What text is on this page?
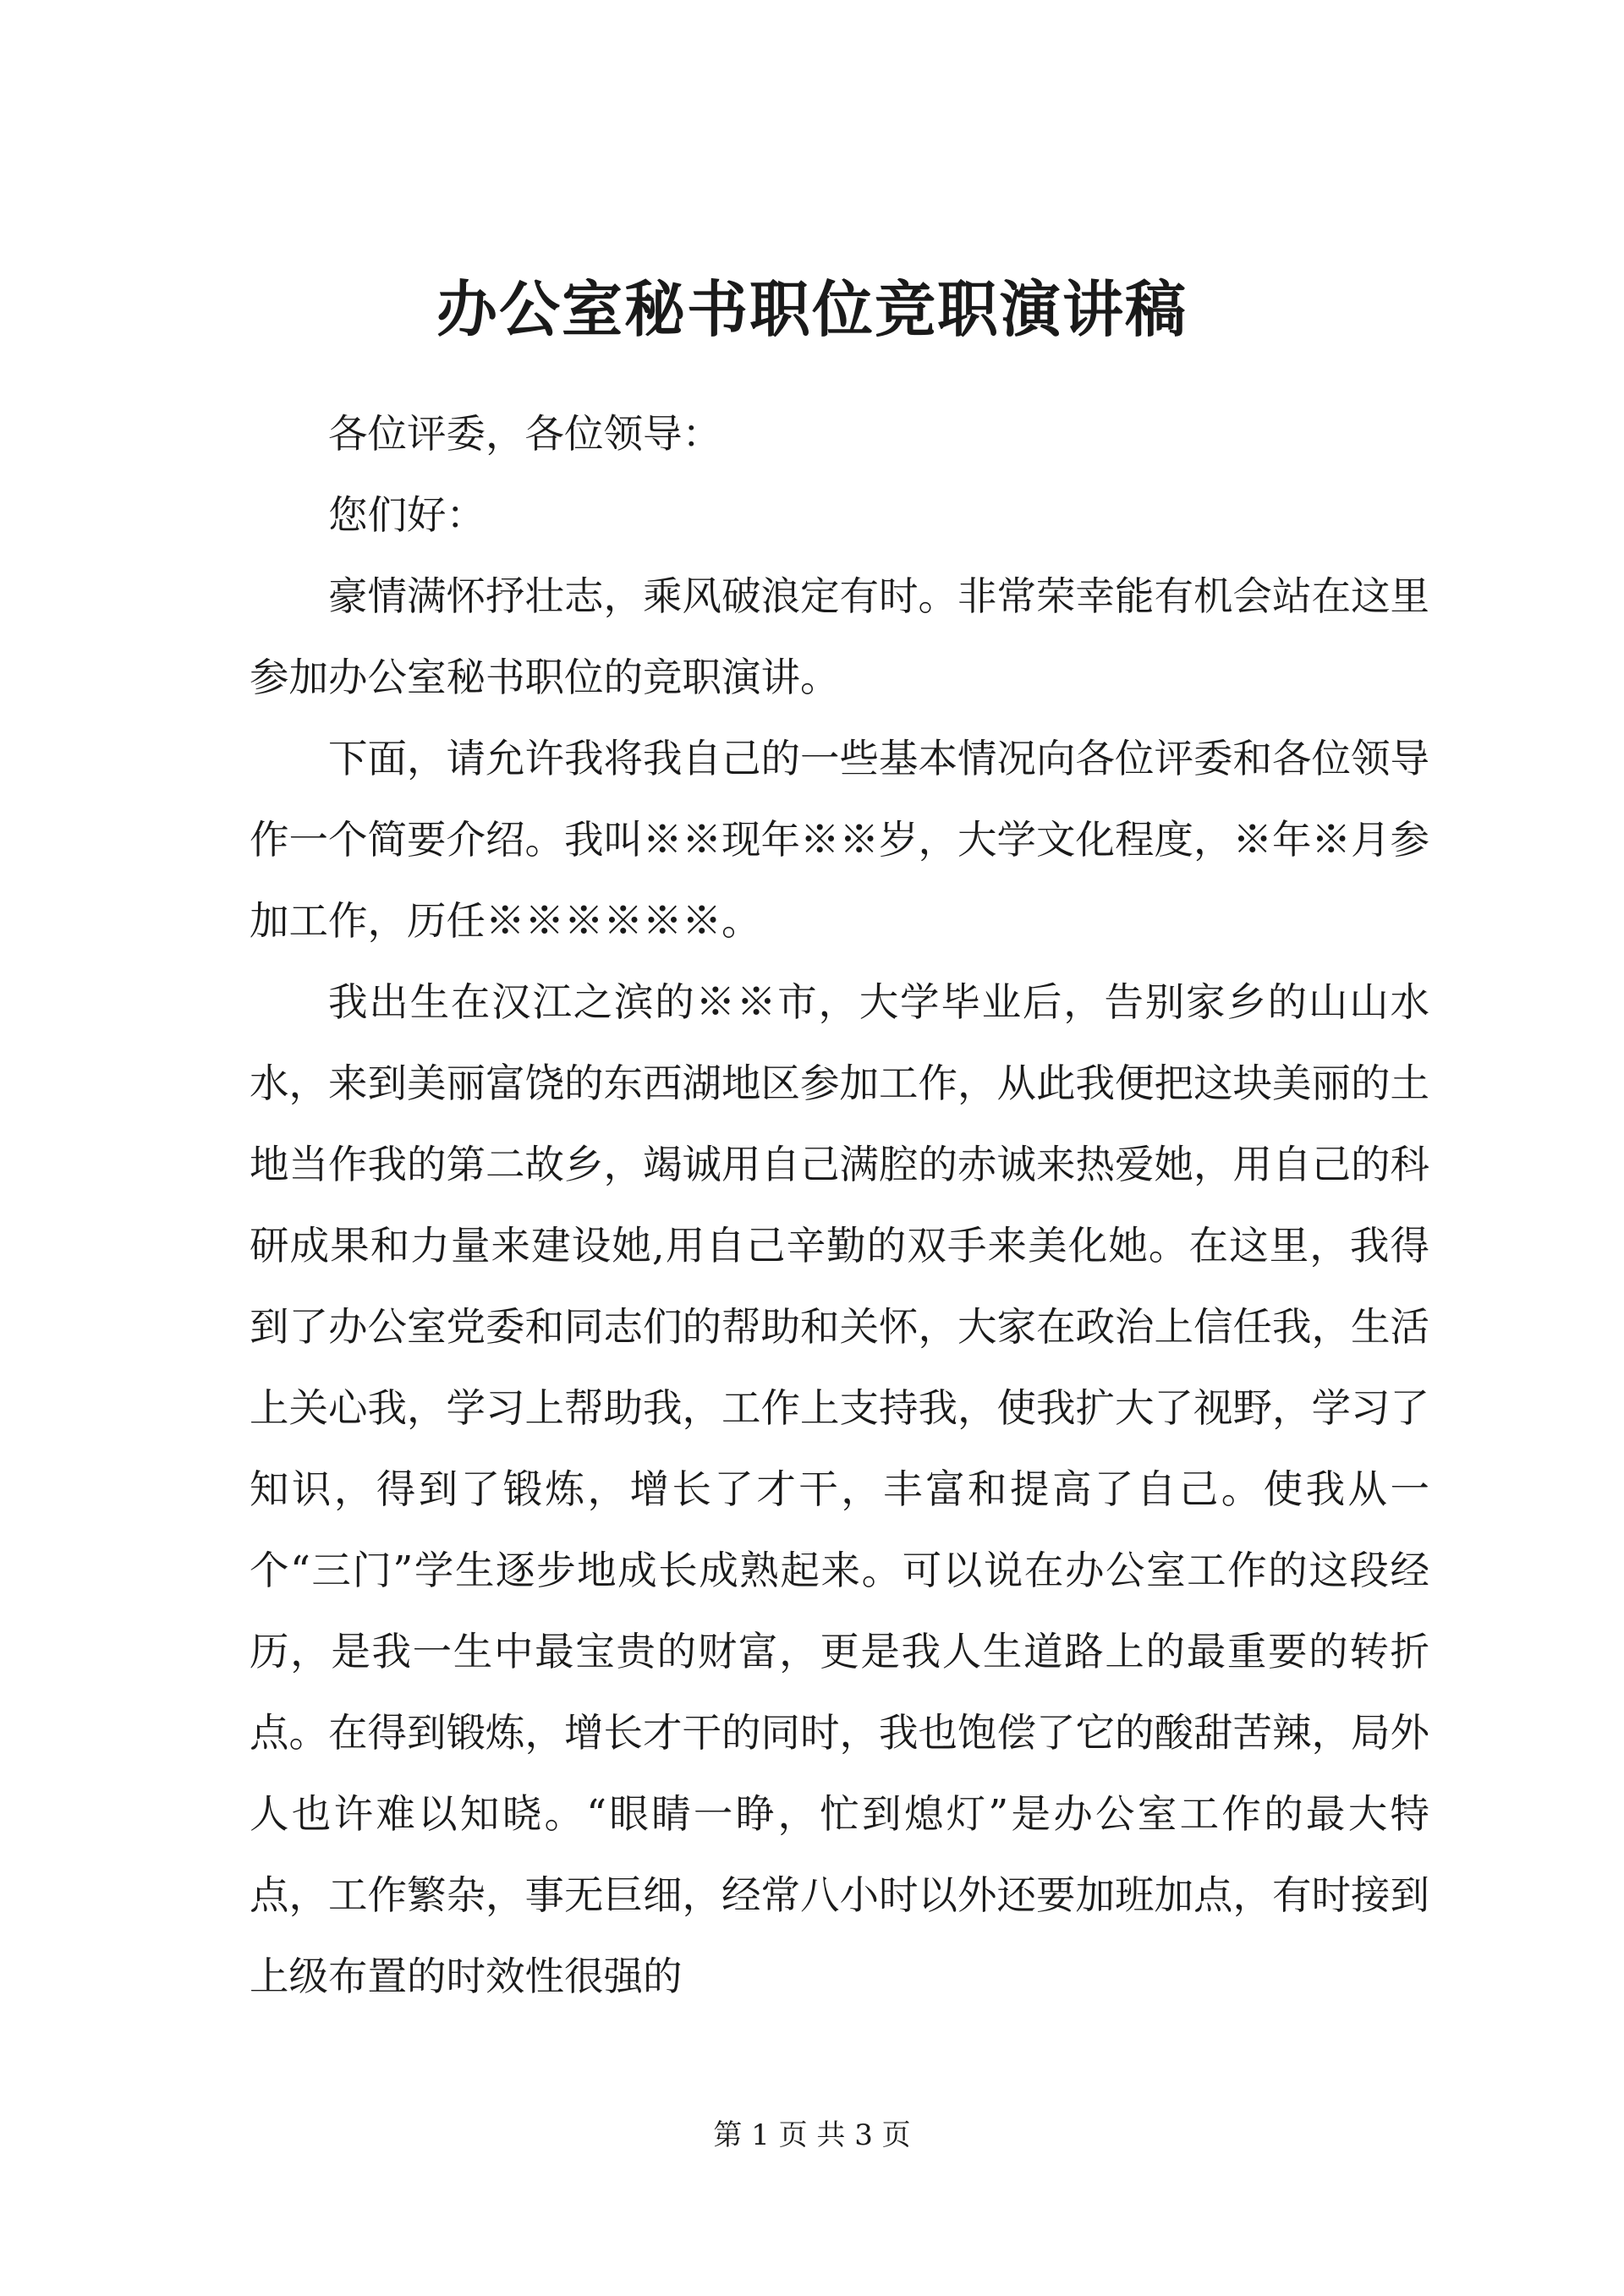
办公室秘书职位竞职演讲稿

各位评委，各位领导：

您们好：

豪情满怀抒壮志，乘风破浪定有时。非常荣幸能有机会站在这里参加办公室秘书职位的竞职演讲。

下面，请允许我将我自己的一些基本情况向各位评委和各位领导作一个简要介绍。我叫※※现年※※岁，大学文化程度，※年※月参加工作，历任※※※※※※。

我出生在汉江之滨的※※市，大学毕业后，告别家乡的山山水水，来到美丽富饶的东西湖地区参加工作，从此我便把这块美丽的土地当作我的第二故乡，竭诚用自己满腔的赤诚来热爱她，用自己的科研成果和力量来建设她,用自己辛勤的双手来美化她。在这里，我得到了办公室党委和同志们的帮助和关怀，大家在政治上信任我，生活上关心我，学习上帮助我，工作上支持我，使我扩大了视野，学习了知识，得到了锻炼，增长了才干，丰富和提高了自己。使我从一个“三门”学生逐步地成长成熟起来。可以说在办公室工作的这段经历，是我一生中最宝贵的财富，更是我人生道路上的最重要的转折点。在得到锻炼，增长才干的同时，我也饱偿了它的酸甜苦辣，局外人也许难以知晓。“眼睛一睁，忙到熄灯”是办公室工作的最大特点，工作繁杂，事无巨细，经常八小时以外还要加班加点，有时接到上级布置的时效性很强的

第 1 页 共 3 页
